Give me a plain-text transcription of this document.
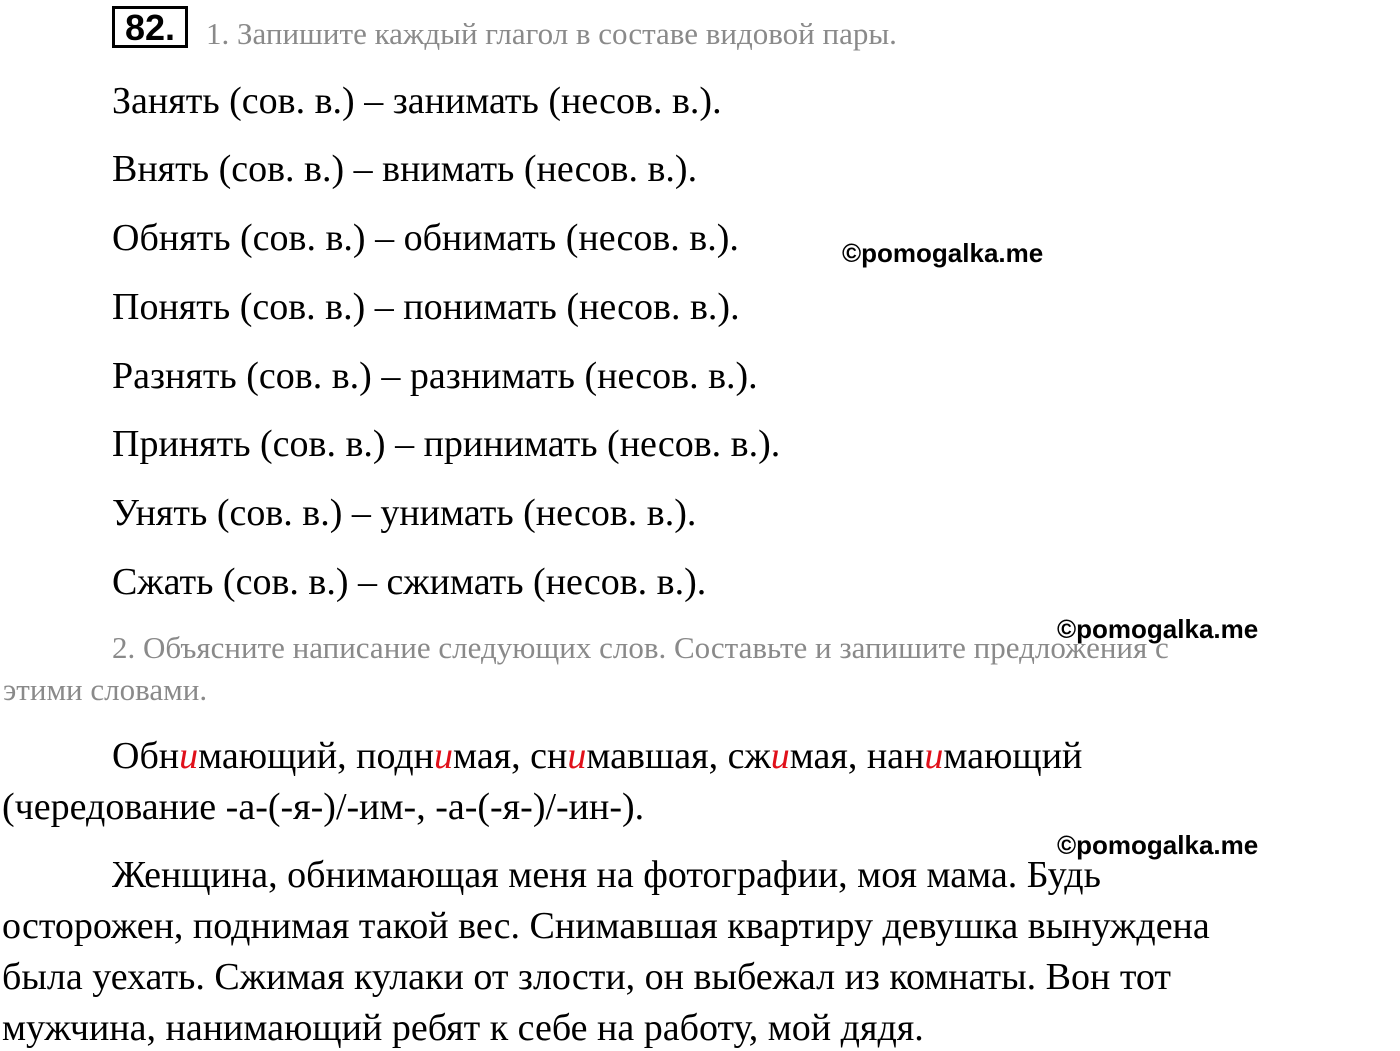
82. 1. Запишите каждый глагол в составе видовой пары.
Занять (сов. в.) – занимать (несов. в.).
Внять (сов. в.) – внимать (несов. в.).
Обнять (сов. в.) – обнимать (несов. в.).
Понять (сов. в.) – понимать (несов. в.).
Разнять (сов. в.) – разнимать (несов. в.).
Принять (сов. в.) – принимать (несов. в.).
Унять (сов. в.) – унимать (несов. в.).
Сжать (сов. в.) – сжимать (несов. в.).
©pomogalka.me
©pomogalka.me
2. Объясните написание следующих слов. Составьте и запишите предложения с
этими словами.
Обнимающий, поднимая, снимавшая, сжимая, нанимающий
(чередование -а-(-я-)/-им-, -а-(-я-)/-ин-).
©pomogalka.me
Женщина, обнимающая меня на фотографии, моя мама. Будь
осторожен, поднимая такой вес. Снимавшая квартиру девушка вынуждена
была уехать. Сжимая кулаки от злости, он выбежал из комнаты. Вон тот
мужчина, нанимающий ребят к себе на работу, мой дядя.
